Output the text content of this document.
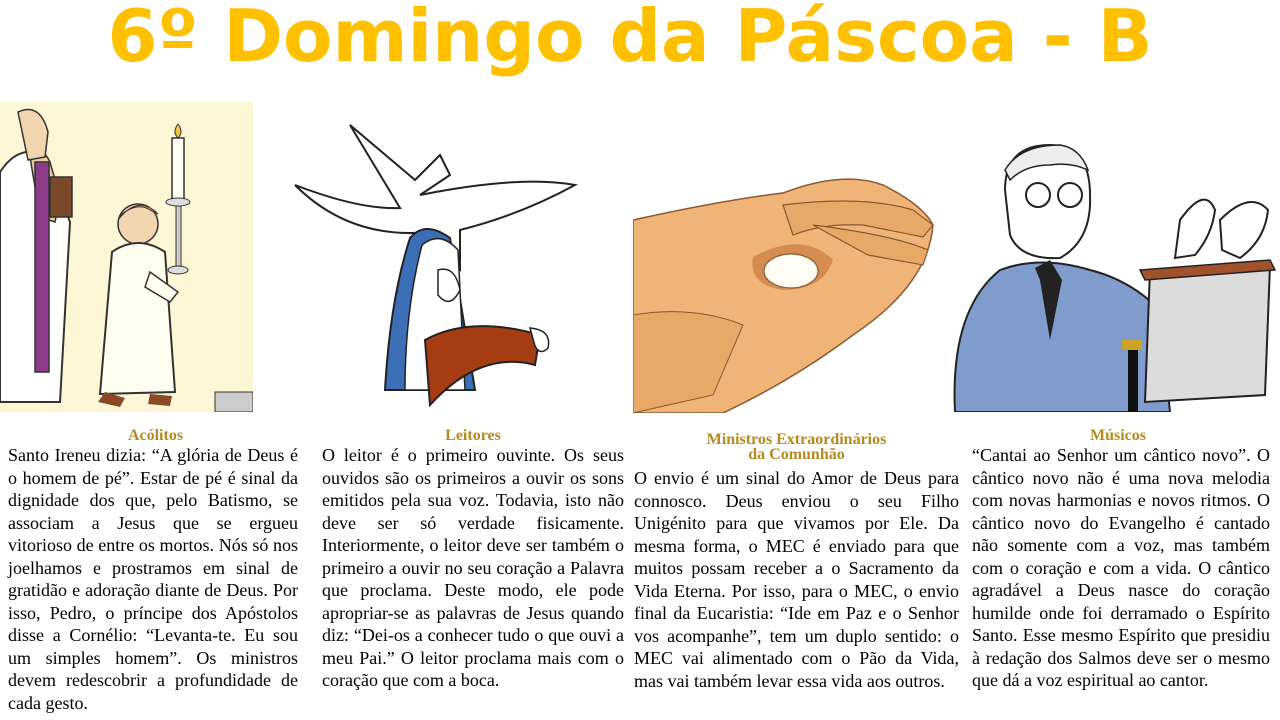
6º Domingo da Páscoa - B
Acólitos

Santo Ireneu dizia: “A glória de Deus é o homem de pé”. Estar de pé é sinal da dignidade dos que, pelo Batismo, se associam a Jesus que se ergueu vitorioso de entre os mortos. Nós só nos joelhamos e prostramos em sinal de gratidão e adoração diante de Deus. Por isso, Pedro, o príncipe dos Apóstolos disse a Cornélio: “Levanta-te. Eu sou um simples homem”. Os ministros devem redescobrir a profundidade de cada gesto.

Leitores

O leitor é o primeiro ouvinte. Os seus ouvidos são os primeiros a ouvir os sons emitidos pela sua voz. Todavia, isto não deve ser só verdade fisicamente. Interiormente, o leitor deve ser também o primeiro a ouvir no seu coração a Palavra que proclama. Deste modo, ele pode apropriar-se as palavras de Jesus quando diz: “Dei-os a conhecer tudo o que ouvi a meu Pai.” O leitor proclama mais com o coração que com a boca.

Ministros Extraordinários
da Comunhão

O envio é um sinal do Amor de Deus para connosco. Deus enviou o seu Filho Unigénito para que vivamos por Ele. Da mesma forma, o MEC é enviado para que muitos possam receber a o Sacramento da Vida Eterna. Por isso, para o MEC, o envio final da Eucaristia: “Ide em Paz e o Senhor vos acompanhe”, tem um duplo sentido: o MEC vai alimentado com o Pão da Vida, mas vai também levar essa vida aos outros.

Músicos

“Cantai ao Senhor um cântico novo”. O cântico novo não é uma nova melodia com novas harmonias e novos ritmos. O cântico novo do Evangelho é cantado não somente com a voz, mas também com o coração e com a vida. O cântico agradável a Deus nasce do coração humilde onde foi derramado o Espírito Santo. Esse mesmo Espírito que presidiu à redação dos Salmos deve ser o mesmo que dá a voz espiritual ao cantor.
